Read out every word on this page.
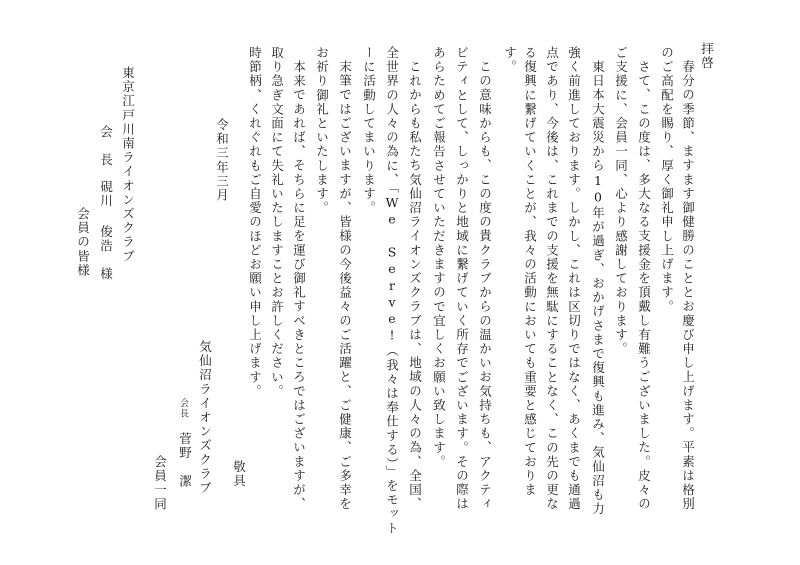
拝啓
春分の季節、ますます御健勝のこととお慶び申し上げます。平素は格別
のご高配を賜り、厚く御礼申し上げます。
さて、この度は、多大なる支援金を頂戴し有難うございました。皮々の
ご支援に、会員一同、心より感謝しております。
東日本大震災から10年が過ぎ、おかげさまで復興も進み、気仙沼も力
強く前進しております。しかし、これは区切りではなく、あくまでも通過
点であり、今後は、これまでの支援を無駄にすることなく、この先の更な
る復興に繋げていくことが、我々の活動においても重要と感じておりま
す。
この意味からも、この度の貴クラブからの温かいお気持ちも、アクティ
ビティとして、しっかりと地域に繋げていく所存でございます。その際は
あらためてご報告させていただきますので宜しくお願い致します。
これからも私たち気仙沼ライオンズクラブは、地域の人々の為、全国、
全世界の人々の為に、「We Serve!（我々は奉仕する）」をモット
ーに活動してまいります。
末筆ではございますが、皆様の今後益々のご活躍と、ご健康、ご多幸を
お祈り御礼といたします。
本来であれば、そちらに足を運び御礼すべきところではございますが、
取り急ぎ文面にて失礼いたしますことお許しください。
時節柄、くれぐれもご自愛のほどお願い申し上げます。
敬具
気仙沼ライオンズクラブ
会長
菅野　潔
会員一同
令和三年三月
東京江戸川南ライオンズクラブ
会　長
硯川 俊浩　様
会員の皆様
